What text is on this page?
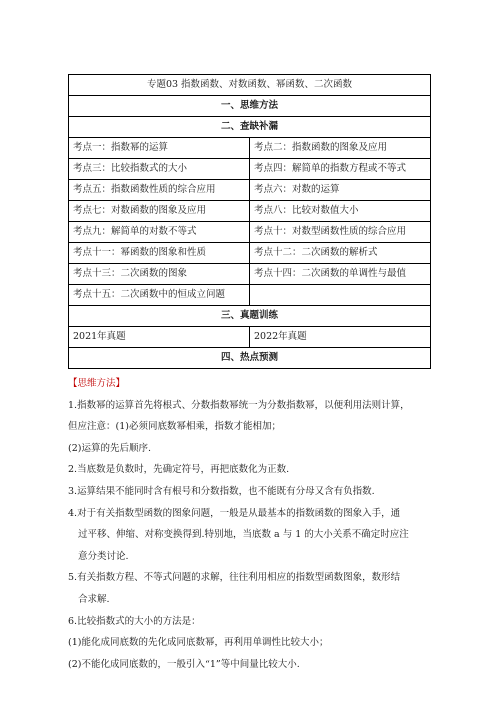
专题03 指数函数、对数函数、幂函数、二次函数	
一、思维方法	
二、查缺补漏	
考点一：指数幂的运算	考点二：指数函数的图象及应用
考点三：比较指数式的大小	考点四：解简单的指数方程或不等式
考点五：指数函数性质的综合应用	考点六：对数的运算
考点七：对数函数的图象及应用	考点八：比较对数值大小
考点九：解简单的对数不等式	考点十：对数型函数性质的综合应用
考点十一：幂函数的图象和性质	考点十二：二次函数的解析式
考点十三：二次函数的图象	考点十四：二次函数的单调性与最值
考点十五：二次函数中的恒成立问题	
三、真题训练	
2021年真题	2022年真题
四、热点预测	

【思维方法】

1.指数幂的运算首先将根式、分数指数幂统一为分数指数幂，以便利用法则计算，

但应注意：(1)必须同底数幂相乘，指数才能相加；

(2)运算的先后顺序.

2.当底数是负数时，先确定符号，再把底数化为正数.

3.运算结果不能同时含有根号和分数指数，也不能既有分母又含有负指数.

4.对于有关指数型函数的图象问题，一般是从最基本的指数函数的图象入手，通

过平移、伸缩、对称变换得到.特别地，当底数 a 与 1 的大小关系不确定时应注

意分类讨论.

5.有关指数方程、不等式问题的求解，往往利用相应的指数型函数图象，数形结

合求解.

6.比较指数式的大小的方法是：

(1)能化成同底数的先化成同底数幂，再利用单调性比较大小；

(2)不能化成同底数的，一般引入“1”等中间量比较大小.
